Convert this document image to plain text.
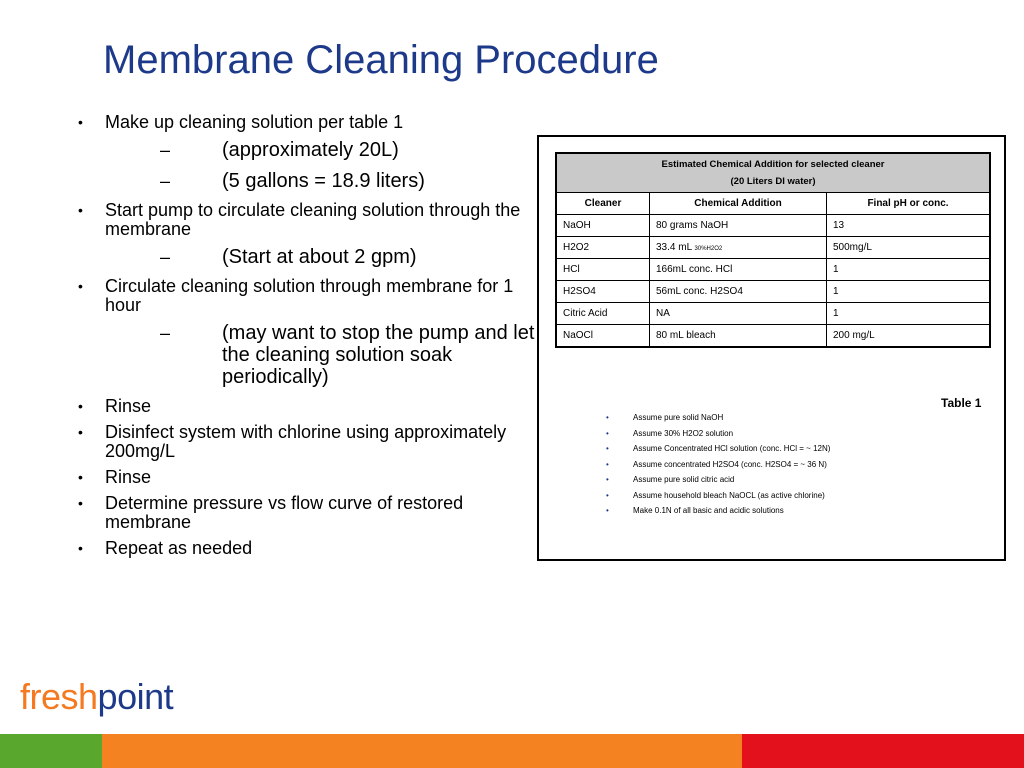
Membrane Cleaning Procedure
• Make up cleaning solution per table 1
–	(approximately 20L)
–	(5 gallons = 18.9 liters)
• Start pump to circulate cleaning solution through the membrane
–	(Start at about 2 gpm)
• Circulate cleaning solution through membrane for 1 hour
–	(may want to stop the pump and let the cleaning solution soak periodically)
• Rinse
• Disinfect system with chlorine using approximately 200mg/L
• Rinse
• Determine pressure vs flow curve of restored membrane
• Repeat as needed
Estimated Chemical Addition for selected cleaner
(20 Liters DI water)		

Cleaner	Chemical Addition	Final pH or conc.
NaOH	80 grams NaOH	13
H2O2	33.4 mL 30%H2O2	500mg/L
HCl	166mL conc. HCl	1
H2SO4	56mL conc. H2SO4	1
Citric Acid	NA	1
NaOCl	80 mL bleach	200 mg/L
Table 1
•	Assume pure solid NaOH
•	Assume 30% H2O2 solution
•	Assume Concentrated HCl solution (conc. HCl = ~ 12N)
•	Assume concentrated H2SO4 (conc. H2SO4 = ~ 36 N)
•	Assume pure solid citric acid
•	Assume household bleach NaOCL (as active chlorine)
•	Make 0.1N of all basic and acidic solutions
freshpoint
